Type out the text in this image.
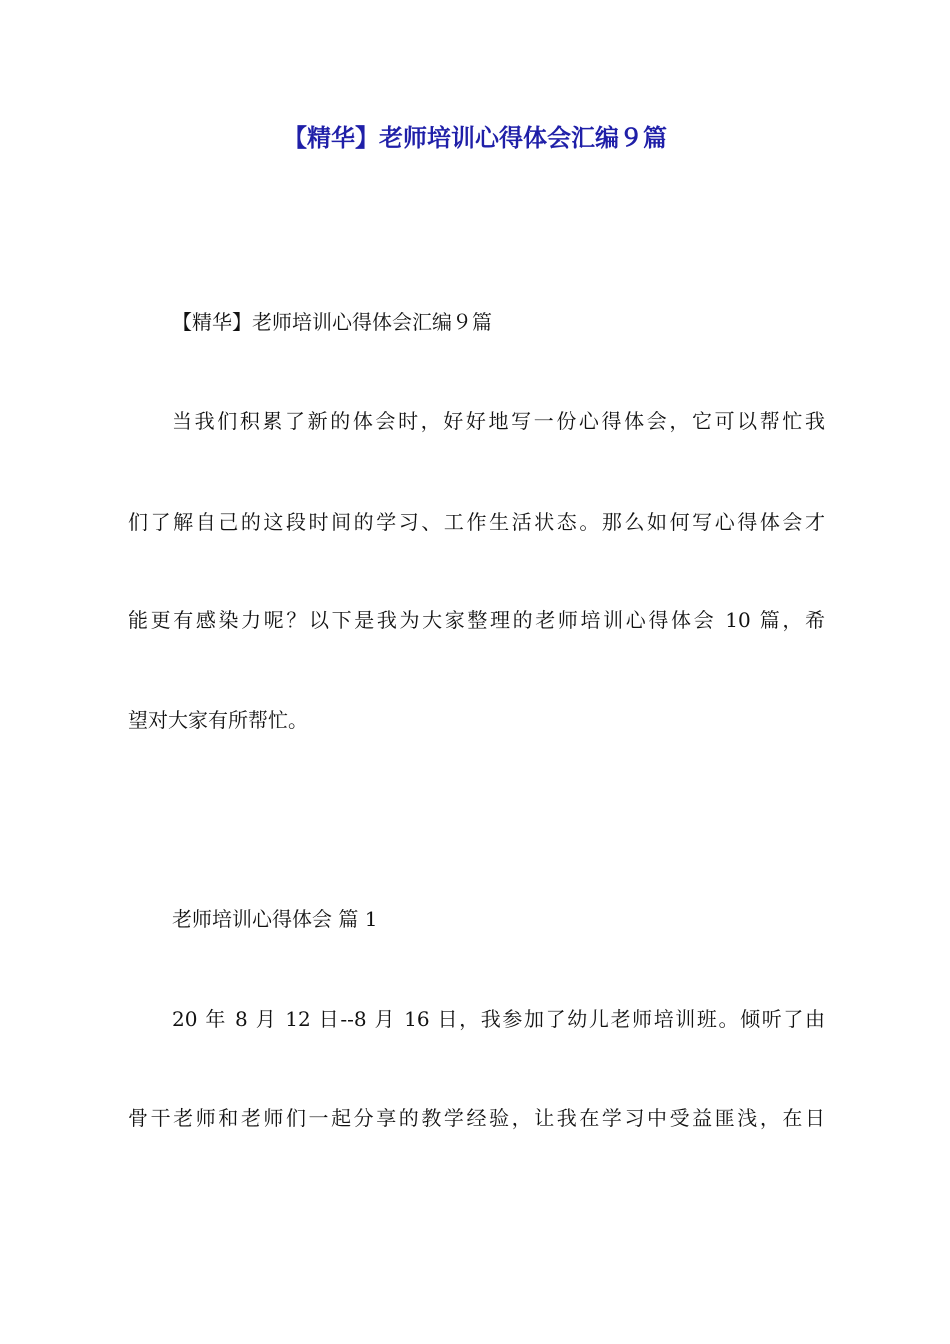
【精华】老师培训心得体会汇编９篇
【精华】老师培训心得体会汇编９篇
当我们积累了新的体会时，好好地写一份心得体会，它可以帮忙我
们了解自己的这段时间的学习、工作生活状态。那么如何写心得体会才
能更有感染力呢？以下是我为大家整理的老师培训心得体会 10 篇，希
望对大家有所帮忙。
老师培训心得体会 篇 1
20 年 8 月 12 日--8 月 16 日，我参加了幼儿老师培训班。倾听了由
骨干老师和老师们一起分享的教学经验，让我在学习中受益匪浅，在日
